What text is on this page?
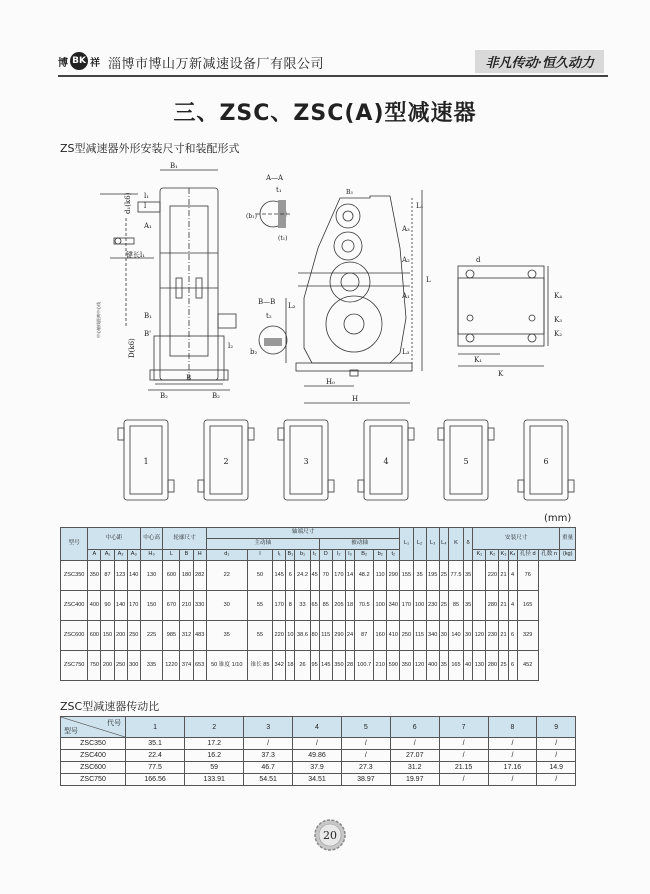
博 BK 祥 淄博市博山万新减速设备厂有限公司	非凡传动·恒久动力
三、ZSC、ZSC(A)型减速器
ZS型减速器外形安装尺寸和装配形式
B₁
l₁
d₁(k6) l
A₁
键长l₁
中心轴线距离中心线	B₁
B'
D(k6)	l₂
B
B₂	B₂
A—A
t₁
(b₁)
(t₁)
B—B
t₂
b₂
L₁
A₃
A₂
A₁
L
L₂
L₃
H₀
H
B₃
d
K₄
K₃
K₂
K
K₁
1	2	3	4	5	6
(mm)
型号	中心距				中心高	轮廓尺寸			轴端尺寸												L₁	L₂	L₃	L₄	K	δ	安装尺寸						重量
									主动轴						被动轴																		
	A	A₁	A₂	A₃	H₀	L	B	H	d₁	l	l₁	B₁	b₁	t₁	D	l₂	l₃	B₂	b₂	t₂							K₁	K₂	K₃	K₄	孔径 d	孔数 n	(kg)
ZSC350	350	87	123	140	130	600	180	282	22	50	145	6	24.2	45	70	170	14	48.2	110	290	155	35	195	25	77.5	35		220	21	4	76		
ZSC400	400	90	140	170	150	670	210	330	30	55	170	8	33	65	85	205	18	70.5	100	340	170	100	230	25	85	35		280	21	4	165		
ZSC600	600	150	200	250	225	985	312	483	35	55	220	10	38.6	80	115	290	24	87	160	410	250	115	340	30	140	30	120	230	21	6	329		
ZSC750	750	200	250	300	335	1220	374	653	50 锥度 1/10	锥长 85	342	18	26	95	145	350	28	100.7	210	590	350	120	400	35	165	40	130	280	25	6	452		
ZSC型减速器传动比
代号
型号	1	2	3	4	5	6	7	8	9
ZSC350	35.1	17.2	/	/	/	/	/	/	/
ZSC400	22.4	16.2	37.3	49.86	/	27.07	/	/	/
ZSC600	77.5	59	46.7	37.9	27.3	31.2	21.15	17.16	14.9
ZSC750	166.56	133.91	54.51	34.51	38.97	19.97	/	/	/
20
